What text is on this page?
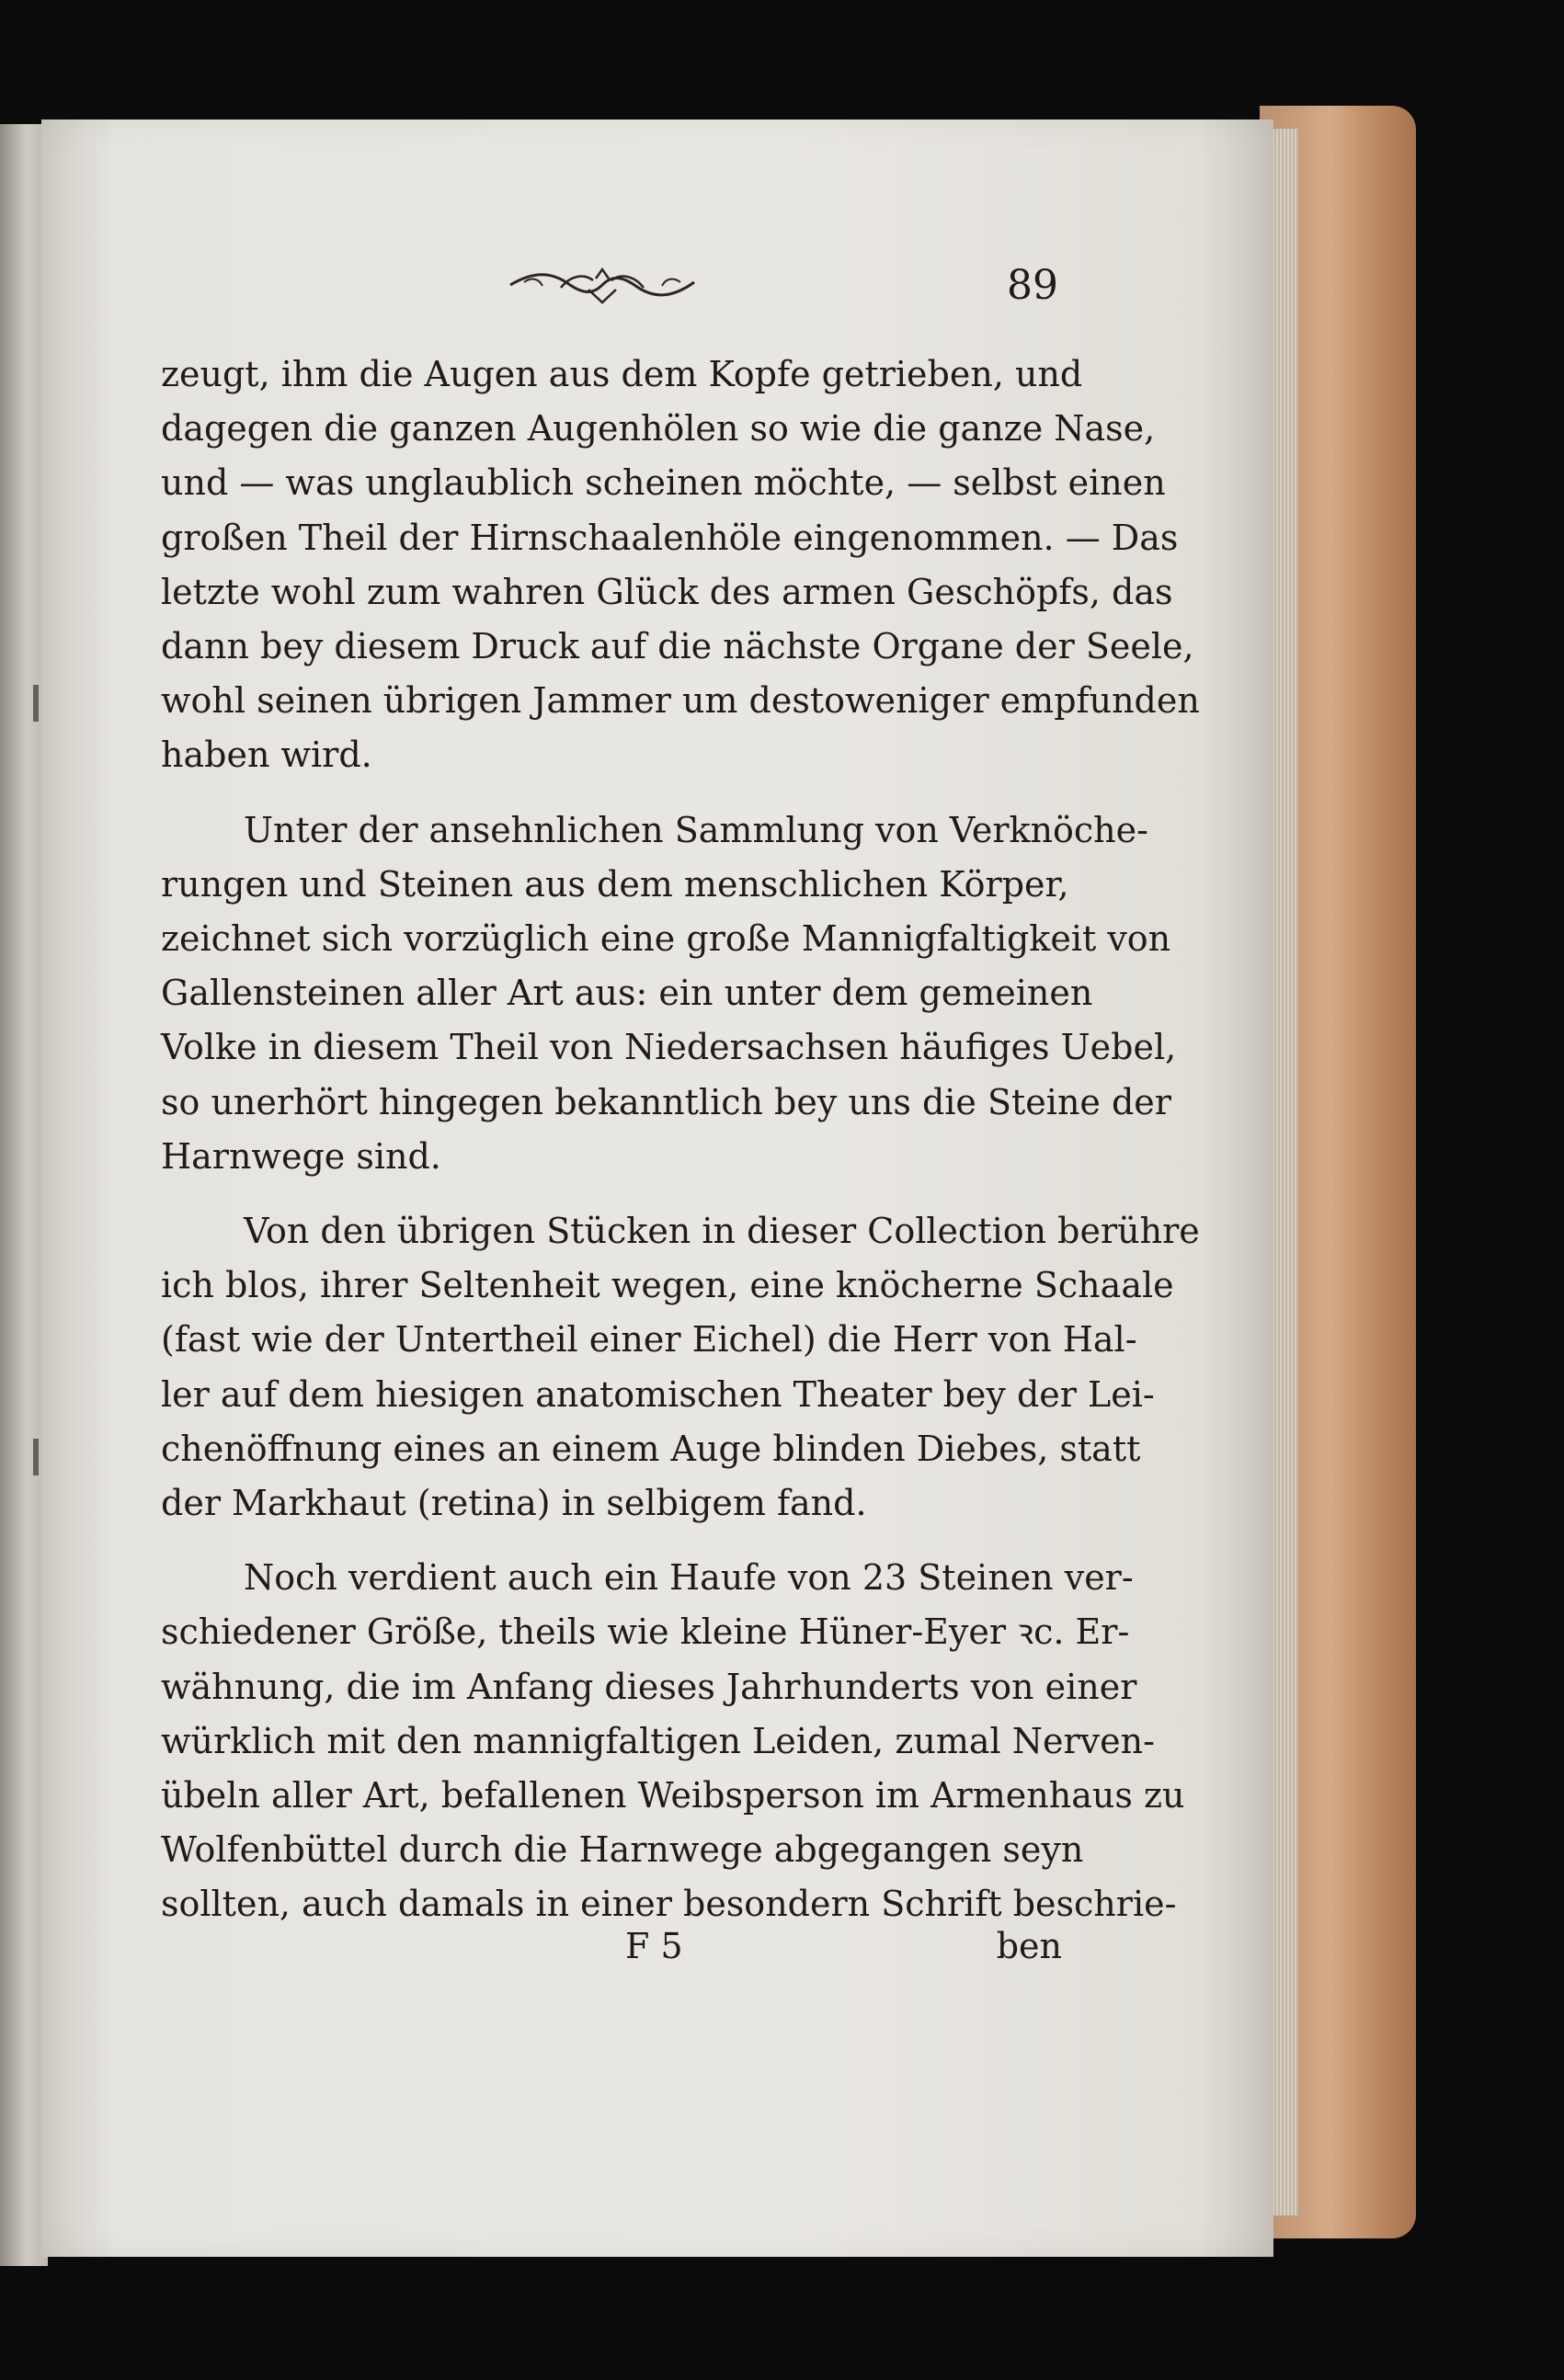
89
zeugt, ihm die Augen aus dem Kopfe getrieben, und
dagegen die ganzen Augenhölen so wie die ganze Nase,
und — was unglaublich scheinen möchte, — selbst einen
großen Theil der Hirnschaalenhöle eingenommen. — Das
letzte wohl zum wahren Glück des armen Geschöpfs, das
dann bey diesem Druck auf die nächste Organe der Seele,
wohl seinen übrigen Jammer um destoweniger empfunden
haben wird.
Unter der ansehnlichen Sammlung von Verknöche-
rungen und Steinen aus dem menschlichen Körper,
zeichnet sich vorzüglich eine große Mannigfaltigkeit von
Gallensteinen aller Art aus: ein unter dem gemeinen
Volke in diesem Theil von Niedersachsen häufiges Uebel,
so unerhört hingegen bekanntlich bey uns die Steine der
Harnwege sind.
Von den übrigen Stücken in dieser Collection berühre
ich blos, ihrer Seltenheit wegen, eine knöcherne Schaale
(fast wie der Untertheil einer Eichel) die Herr von Hal-
ler auf dem hiesigen anatomischen Theater bey der Lei-
chenöffnung eines an einem Auge blinden Diebes, statt
der Markhaut (retina) in selbigem fand.
Noch verdient auch ein Haufe von 23 Steinen ver-
schiedener Größe, theils wie kleine Hüner-Eyer ꝛc. Er-
wähnung, die im Anfang dieses Jahrhunderts von einer
würklich mit den mannigfaltigen Leiden, zumal Nerven-
übeln aller Art, befallenen Weibsperson im Armenhaus zu
Wolfenbüttel durch die Harnwege abgegangen seyn
sollten, auch damals in einer besondern Schrift beschrie-
F 5	ben
